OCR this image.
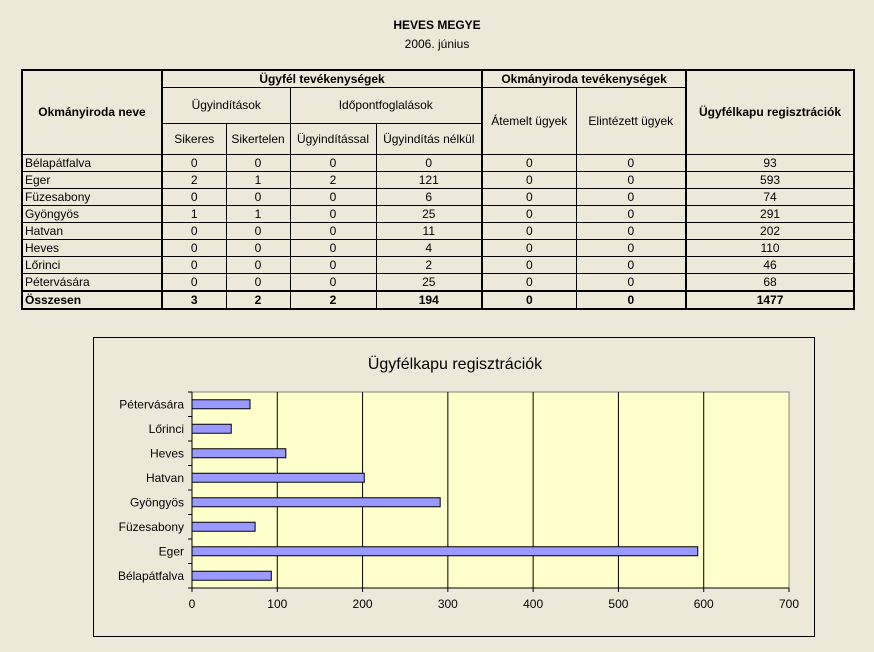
HEVES MEGYE
2006. június
Okmányiroda neve	Ügyfél tevékenységek				Okmányiroda tevékenységek		Ügyfélkapu regisztrációk
	Ügyindítások		Időpontfoglalások		Átemelt ügyek	Elintézett ügyek	
	Sikeres	Sikertelen	Ügyindítással	Ügyindítás nélkül			
Bélapátfalva	0	0	0	0	0	0	93
Eger	2	1	2	121	0	0	593
Füzesabony	0	0	0	6	0	0	74
Gyöngyös	1	1	0	25	0	0	291
Hatvan	0	0	0	11	0	0	202
Heves	0	0	0	4	0	0	110
Lőrinci	0	0	0	2	0	0	46
Pétervására	0	0	0	25	0	0	68
Összesen	3	2	2	194	0	0	1477
Ügyfélkapu regisztrációk
0	100	200	300	400	500	600	700
Bélapátfalva
Eger
Füzesabony
Gyöngyös
Hatvan
Heves
Lőrinci
Pétervására
